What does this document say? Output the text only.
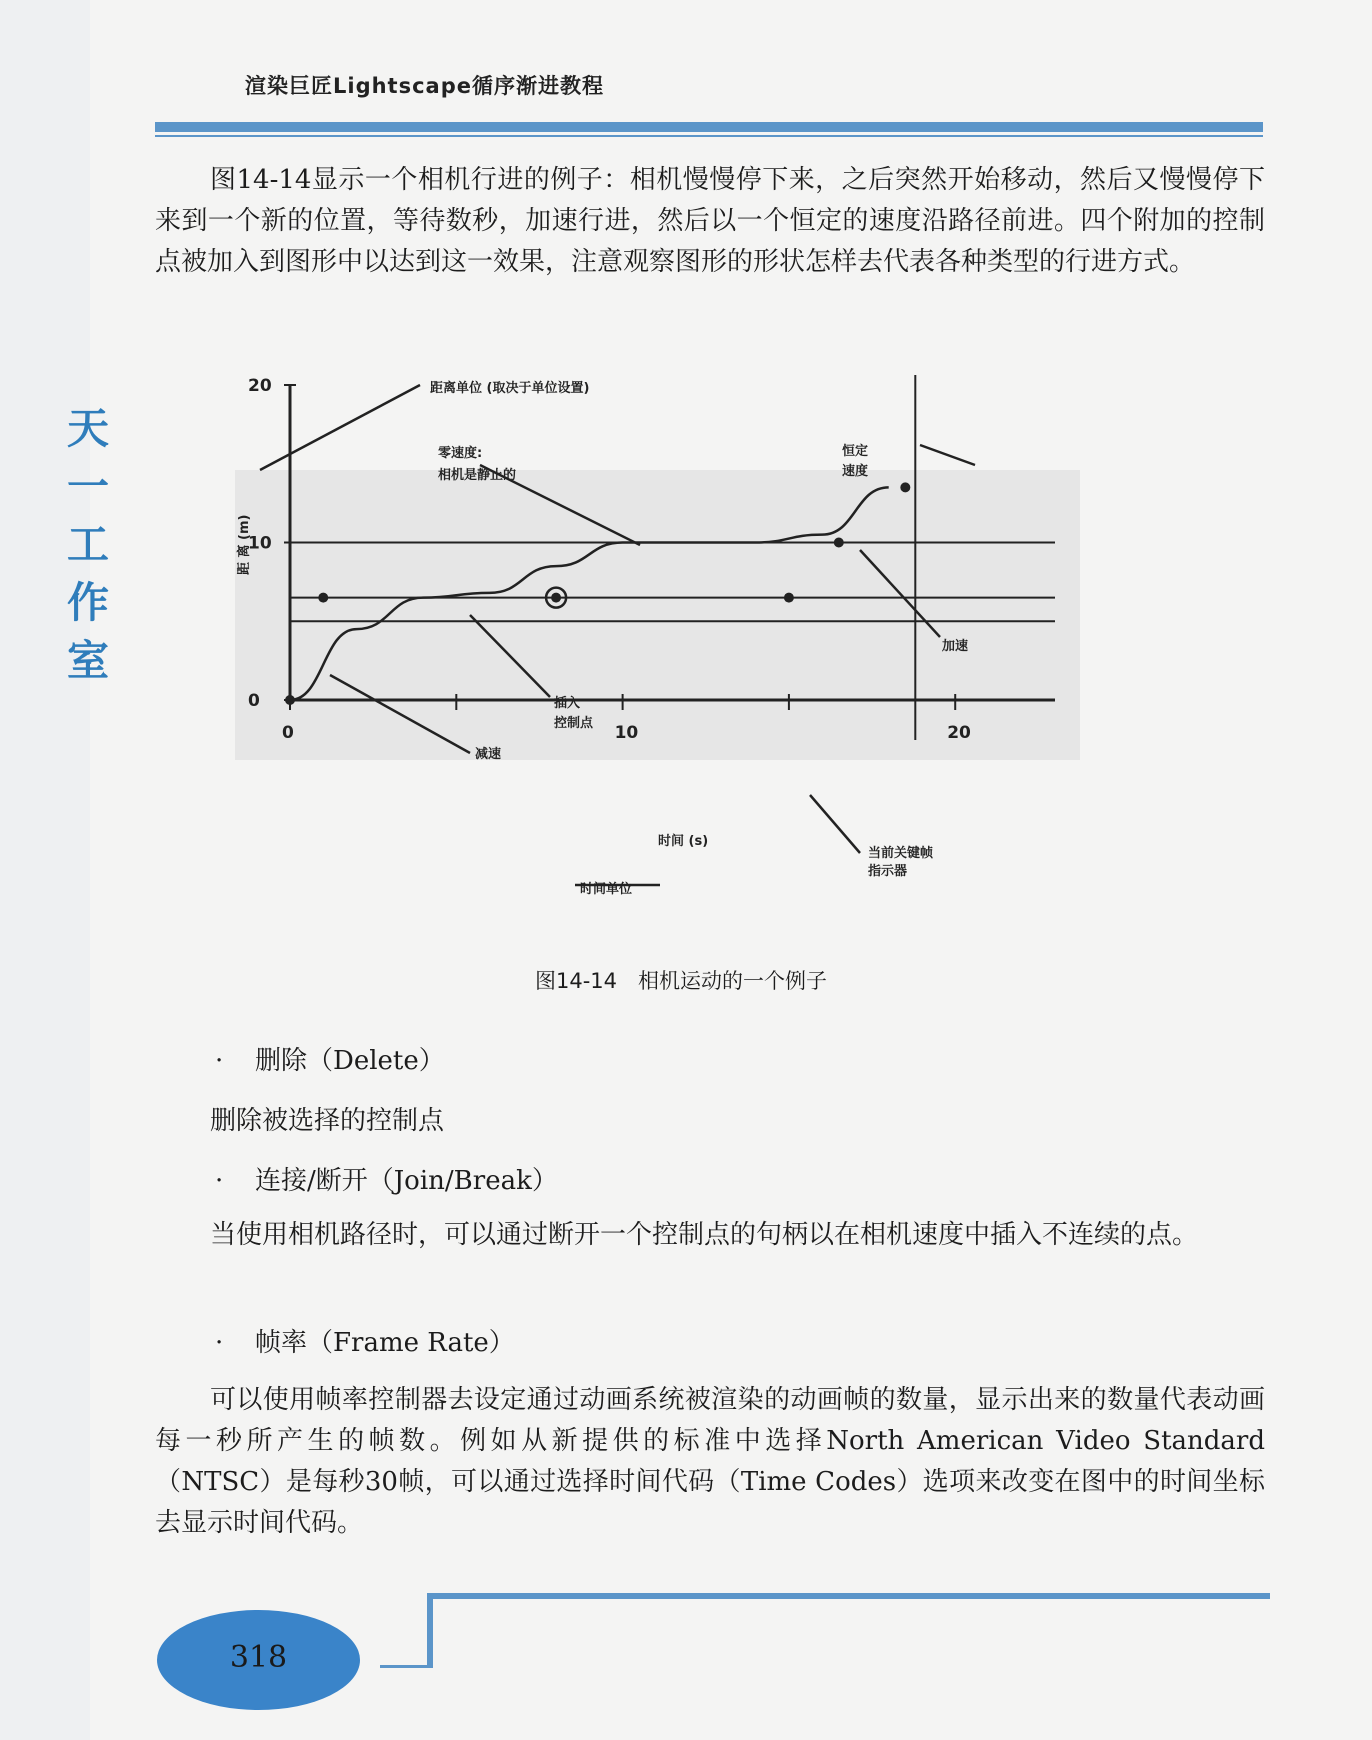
渲染巨匠Lightscape循序渐进教程
天
一
工
作
室
图14-14显示一个相机行进的例子：相机慢慢停下来，之后突然开始移动，然后又慢慢停下来到一个新的位置，等待数秒，加速行进，然后以一个恒定的速度沿路径前进。四个附加的控制点被加入到图形中以达到这一效果，注意观察图形的形状怎样去代表各种类型的行进方式。
0
10
20
0	10	20
距离单位 (取决于单位设置)
零速度:
相机是静止的
恒定
速度
加速
插入
控制点
减速
当前关键帧
指示器
时间单位
时间 (s)
距 离 (m)
图14-14　相机运动的一个例子
· 删除（Delete）
删除被选择的控制点
· 连接/断开（Join/Break）
当使用相机路径时，可以通过断开一个控制点的句柄以在相机速度中插入不连续的点。
· 帧率（Frame Rate）
可以使用帧率控制器去设定通过动画系统被渲染的动画帧的数量，显示出来的数量代表动画每一秒所产生的帧数。例如从新提供的标准中选择North American Video Standard（NTSC）是每秒30帧，可以通过选择时间代码（Time Codes）选项来改变在图中的时间坐标去显示时间代码。
318
